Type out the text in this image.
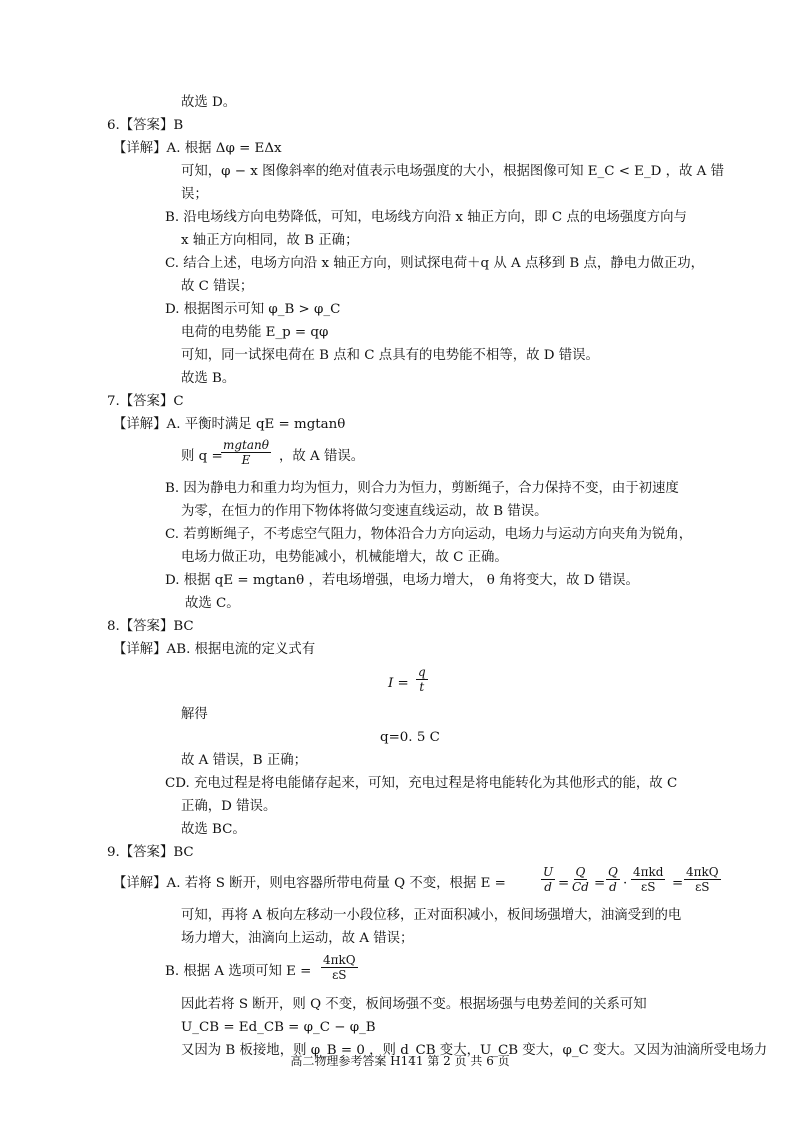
故选 D。
6.【答案】B
【详解】A. 根据 Δφ = EΔx
可知，φ − x 图像斜率的绝对值表示电场强度的大小，根据图像可知 E_C < E_D ，故 A 错
误；
B. 沿电场线方向电势降低，可知，电场线方向沿 x 轴正方向，即 C 点的电场强度方向与
x 轴正方向相同，故 B 正确；
C. 结合上述，电场方向沿 x 轴正方向，则试探电荷＋q 从 A 点移到 B 点，静电力做正功，
故 C 错误；
D. 根据图示可知 φ_B > φ_C
电荷的电势能 E_p = qφ
可知，同一试探电荷在 B 点和 C 点具有的电势能不相等，故 D 错误。
故选 B。
7.【答案】C
【详解】A. 平衡时满足 qE = mgtanθ
则 q =
$\frac{mgtan\theta}{E}$ ，故 A 错误。
B. 因为静电力和重力均为恒力，则合力为恒力，剪断绳子，合力保持不变，由于初速度
为零，在恒力的作用下物体将做匀变速直线运动，故 B 错误。
C. 若剪断绳子，不考虑空气阻力，物体沿合力方向运动，电场力与运动方向夹角为锐角，
电场力做正功，电势能减小，机械能增大，故 C 正确。
D. 根据 qE = mgtanθ ，若电场增强，电场力增大， θ 角将变大，故 D 错误。
故选 C。
8.【答案】BC
【详解】AB. 根据电流的定义式有
$I = \frac{q}{t}$
解得
q=0. 5 C
故 A 错误，B 正确；
CD. 充电过程是将电能储存起来，可知，充电过程是将电能转化为其他形式的能，故 C
正确，D 错误。
故选 BC。
9.【答案】BC
【详解】A. 若将 S 断开，则电容器所带电荷量 Q 不变，根据 E =	$\frac{U}{d} = \frac{Q}{Cd} = \frac{Q}{d}$ ·
4πkd
εS =
4πkQ
εS
可知，再将 A 板向左移动一小段位移，正对面积减小，板间场强增大，油滴受到的电
场力增大，油滴向上运动，故 A 错误；
B. 根据 A 选项可知 E =
4πkQ
εS
因此若将 S 断开，则 Q 不变，板间场强不变。根据场强与电势差间的关系可知
U_CB = Ed_CB = φ_C − φ_B
又因为 B 板接地，则 φ_B = 0 ，则 d_CB 变大，U_CB 变大，φ_C 变大。又因为油滴所受电场力
高二物理参考答案 H141 第 2 页 共 6 页
